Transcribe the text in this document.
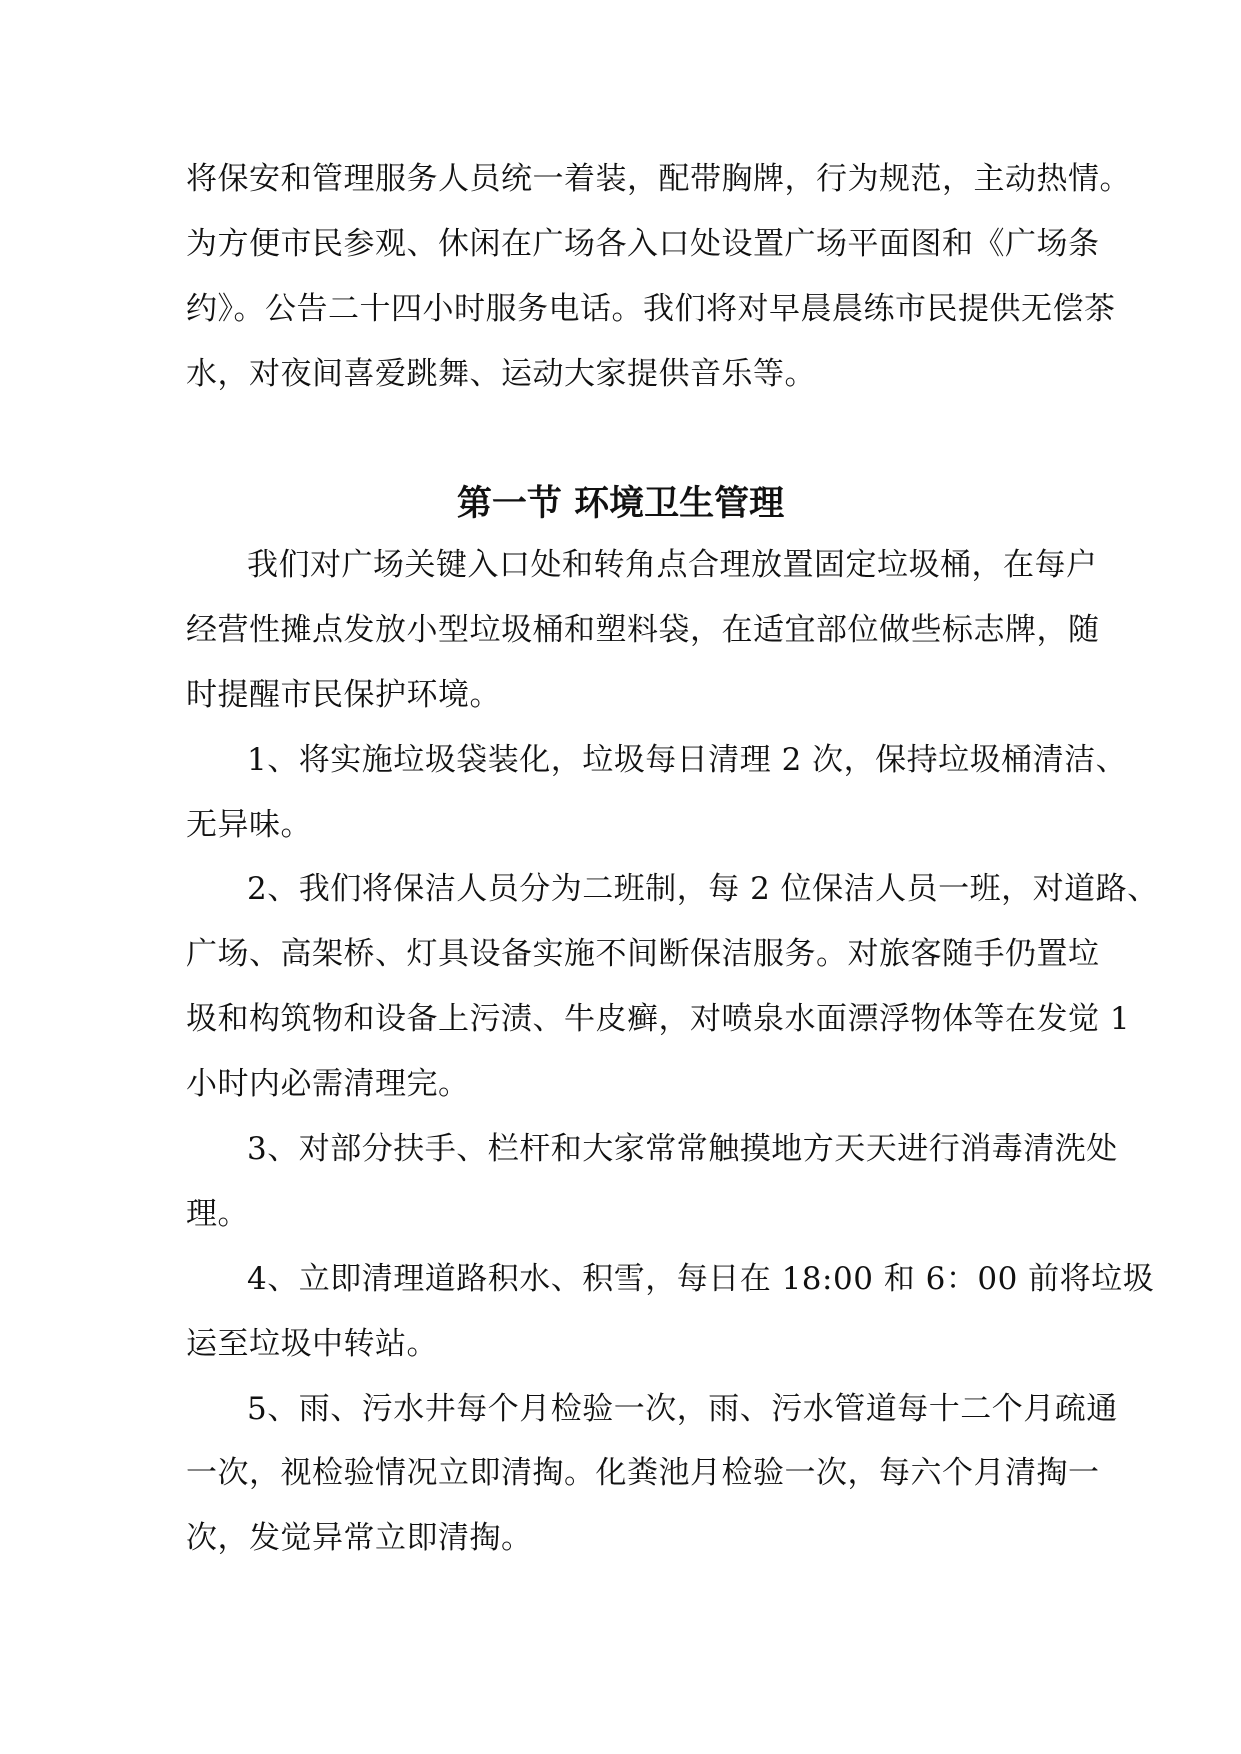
将保安和管理服务人员统一着装，配带胸牌，行为规范，主动热情。
为方便市民参观、休闲在广场各入口处设置广场平面图和《广场条
约》。公告二十四小时服务电话。我们将对早晨晨练市民提供无偿茶
水，对夜间喜爱跳舞、运动大家提供音乐等。
第一节 环境卫生管理
我们对广场关键入口处和转角点合理放置固定垃圾桶，在每户
经营性摊点发放小型垃圾桶和塑料袋，在适宜部位做些标志牌，随
时提醒市民保护环境。
1、将实施垃圾袋装化，垃圾每日清理 2 次，保持垃圾桶清洁、
无异味。
2、我们将保洁人员分为二班制，每 2 位保洁人员一班，对道路、
广场、高架桥、灯具设备实施不间断保洁服务。对旅客随手仍置垃
圾和构筑物和设备上污渍、牛皮癣，对喷泉水面漂浮物体等在发觉 1
小时内必需清理完。
3、对部分扶手、栏杆和大家常常触摸地方天天进行消毒清洗处
理。
4、立即清理道路积水、积雪，每日在 18:00 和 6：00 前将垃圾
运至垃圾中转站。
5、雨、污水井每个月检验一次，雨、污水管道每十二个月疏通
一次，视检验情况立即清掏。化粪池月检验一次，每六个月清掏一
次，发觉异常立即清掏。
